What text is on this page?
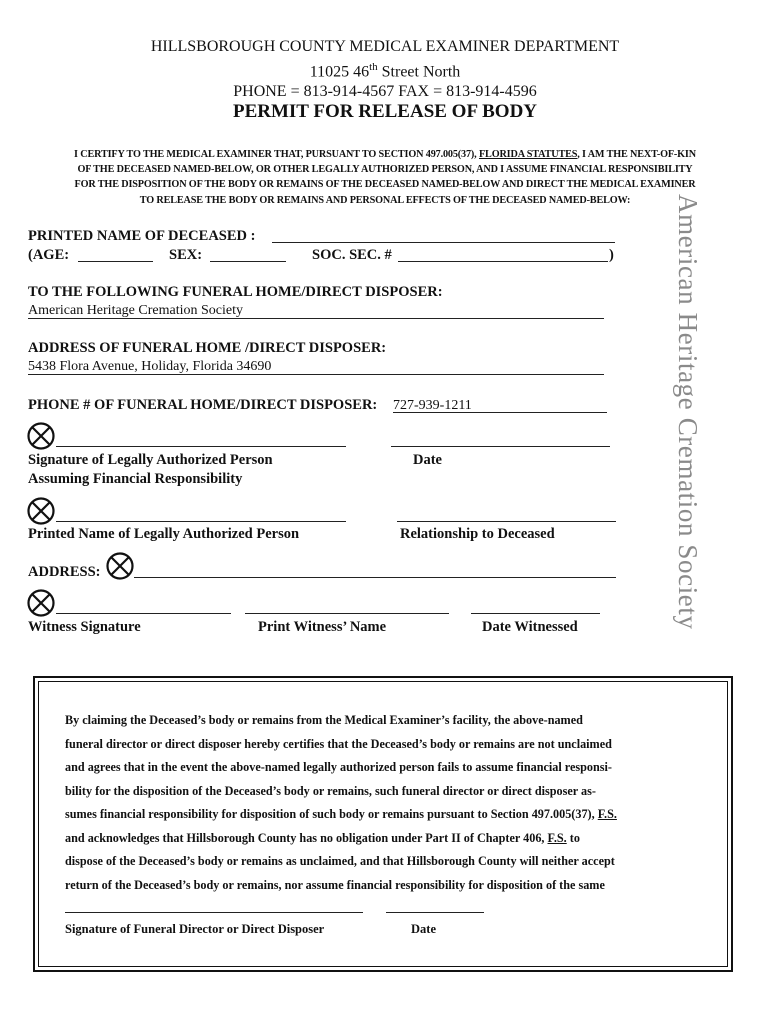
HILLSBOROUGH COUNTY MEDICAL EXAMINER DEPARTMENT
11025 46th Street North
PHONE = 813-914-4567 FAX = 813-914-4596
PERMIT FOR RELEASE OF BODY
I CERTIFY TO THE MEDICAL EXAMINER THAT, PURSUANT TO SECTION 497.005(37), FLORIDA STATUTES, I AM THE NEXT-OF-KIN
OF THE DECEASED NAMED-BELOW, OR OTHER LEGALLY AUTHORIZED PERSON, AND I ASSUME FINANCIAL RESPONSIBILITY
FOR THE DISPOSITION OF THE BODY OR REMAINS OF THE DECEASED NAMED-BELOW AND DIRECT THE MEDICAL EXAMINER
TO RELEASE THE BODY OR REMAINS AND PERSONAL EFFECTS OF THE DECEASED NAMED-BELOW:	American Heritage Cremation Society
PRINTED NAME OF DECEASED :
(AGE:	SEX:	SOC. SEC. #	)
TO THE FOLLOWING FUNERAL HOME/DIRECT DISPOSER:
American Heritage Cremation Society
ADDRESS OF FUNERAL HOME /DIRECT DISPOSER:
5438 Flora Avenue, Holiday, Florida 34690
PHONE # OF FUNERAL HOME/DIRECT DISPOSER: 727-939-1211
Signature of Legally Authorized Person
Assuming Financial Responsibility
Date
Printed Name of Legally Authorized Person	Relationship to Deceased
ADDRESS:
Witness Signature	Print Witness’ Name	Date Witnessed
By claiming the Deceased’s body or remains from the Medical Examiner’s facility, the above-named
funeral director or direct disposer hereby certifies that the Deceased’s body or remains are not unclaimed
and agrees that in the event the above-named legally authorized person fails to assume financial responsi-
bility for the disposition of the Deceased’s body or remains, such funeral director or direct disposer as-
sumes financial responsibility for disposition of such body or remains pursuant to Section 497.005(37), F.S.
and acknowledges that Hillsborough County has no obligation under Part II of Chapter 406, F.S. to
dispose of the Deceased’s body or remains as unclaimed, and that Hillsborough County will neither accept
return of the Deceased’s body or remains, nor assume financial responsibility for disposition of the same
Signature of Funeral Director or Direct Disposer	Date
